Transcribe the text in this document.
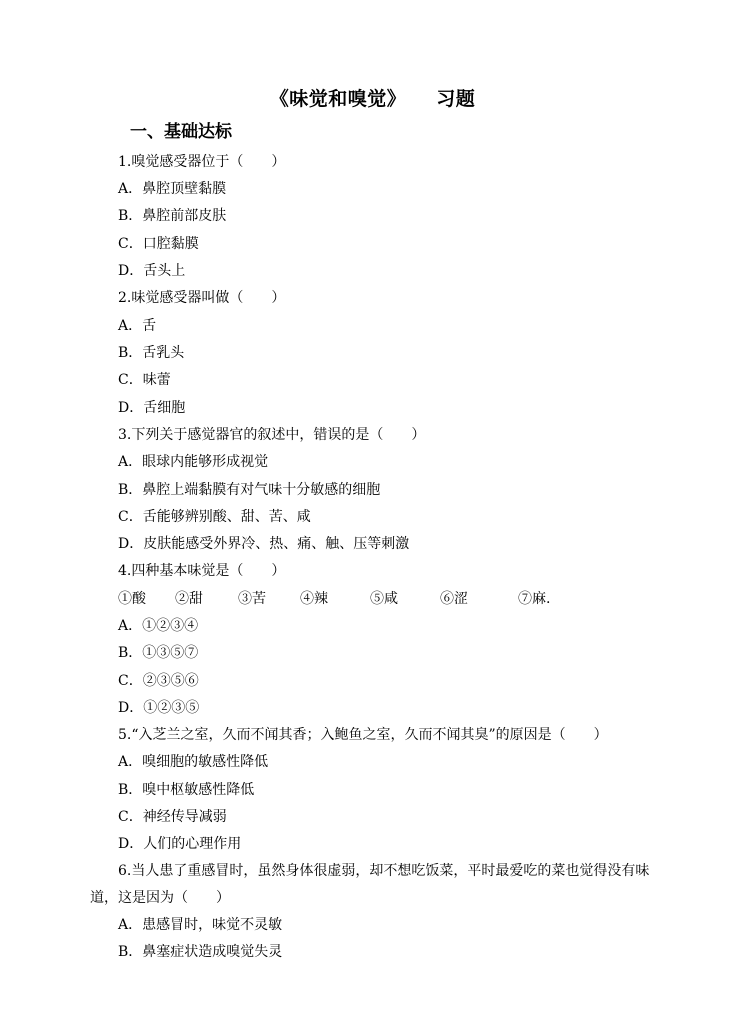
《味觉和嗅觉》 习题
一、基础达标
1.嗅觉感受器位于（　　）
A．鼻腔顶壁黏膜
B．鼻腔前部皮肤
C．口腔黏膜
D．舌头上
2.味觉感受器叫做（　　）
A．舌
B．舌乳头
C．味蕾
D．舌细胞
3.下列关于感觉器官的叙述中，错误的是（　　）
A．眼球内能够形成视觉
B．鼻腔上端黏膜有对气味十分敏感的细胞
C．舌能够辨别酸、甜、苦、咸
D．皮肤能感受外界冷、热、痛、触、压等刺激
4.四种基本味觉是（　　）
①酸 ②甜	③苦 ④辣	⑤咸	⑥涩	⑦麻.
A．①②③④
B．①③⑤⑦
C．②③⑤⑥
D．①②③⑤
5.“入芝兰之室，久而不闻其香；入鲍鱼之室，久而不闻其臭”的原因是（　　）
A．嗅细胞的敏感性降低
B．嗅中枢敏感性降低
C．神经传导减弱
D．人们的心理作用
6.当人患了重感冒时，虽然身体很虚弱，却不想吃饭菜，平时最爱吃的菜也觉得没有味
道，这是因为（　　）
A．患感冒时，味觉不灵敏
B．鼻塞症状造成嗅觉失灵
